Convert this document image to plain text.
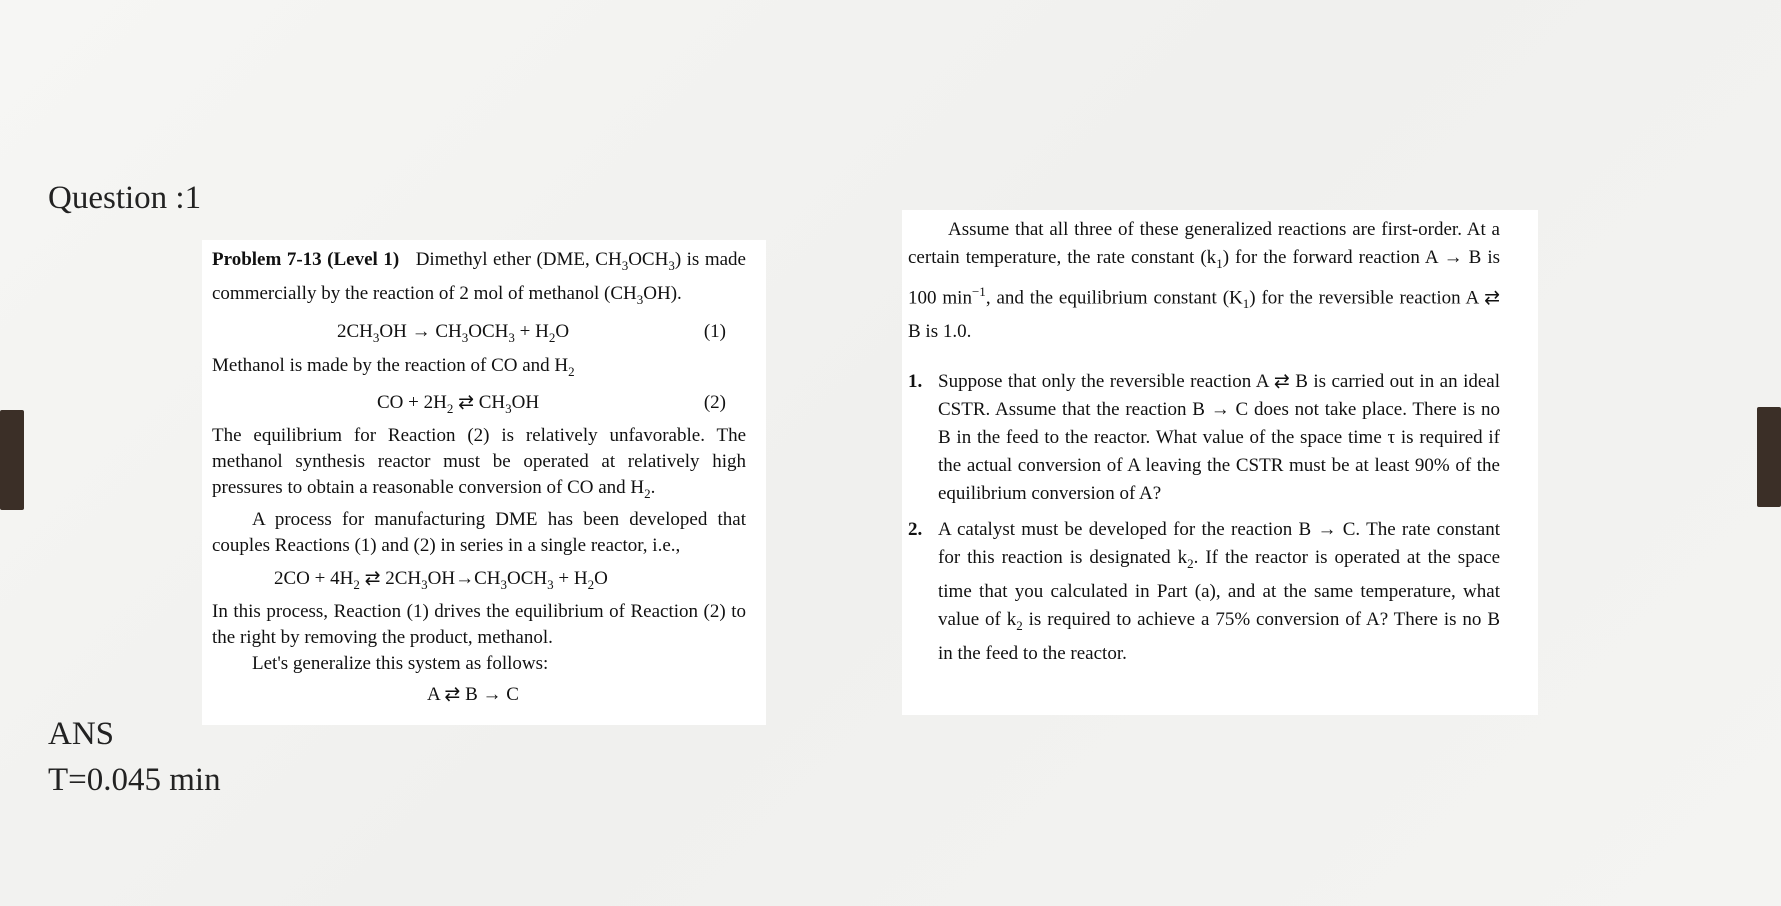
Question :1

Problem 7-13 (Level 1) Dimethyl ether (DME, $CH_3OCH_3$) is made commercially by the reaction of 2 mol of methanol $(CH_3OH)$.

$2CH_3OH \to CH_3OCH_3 + H_2O$	(1)

Methanol is made by the reaction of CO and $H_2$

CO + $2H_2$ ⇄ $CH_3OH$	(2)

The equilibrium for Reaction (2) is relatively unfavorable. The methanol synthesis reactor must be operated at relatively high pressures to obtain a reasonable conversion of CO and $H_2$.

A process for manufacturing DME has been developed that couples Reactions (1) and (2) in series in a single reactor, i.e.,

$2CO + 4H_2$ ⇄ $2CH_3OH\to CH_3OCH_3 + H_2O$

In this process, Reaction (1) drives the equilibrium of Reaction (2) to the right by removing the product, methanol.

Let's generalize this system as follows:

A ⇄ B → C

Assume that all three of these generalized reactions are first-order. At a certain temperature, the rate constant $(k_1)$ for the forward reaction A → B is 100 $\min^{-1}$, and the equilibrium constant $(K_1)$ for the reversible reaction A ⇄ B is 1.0.

1. Suppose that only the reversible reaction A ⇄ B is carried out in an ideal CSTR. Assume that the reaction B → C does not take place. There is no B in the feed to the reactor. What value of the space time τ is required if the actual conversion of A leaving the CSTR must be at least 90% of the equilibrium conversion of A?
2. A catalyst must be developed for the reaction B → C. The rate constant for this reaction is designated $k_2$. If the reactor is operated at the space time that you calculated in Part (a), and at the same temperature, what value of $k_2$ is required to achieve a 75% conversion of A? There is no B in the feed to the reactor.
ANS
T=0.045 min
